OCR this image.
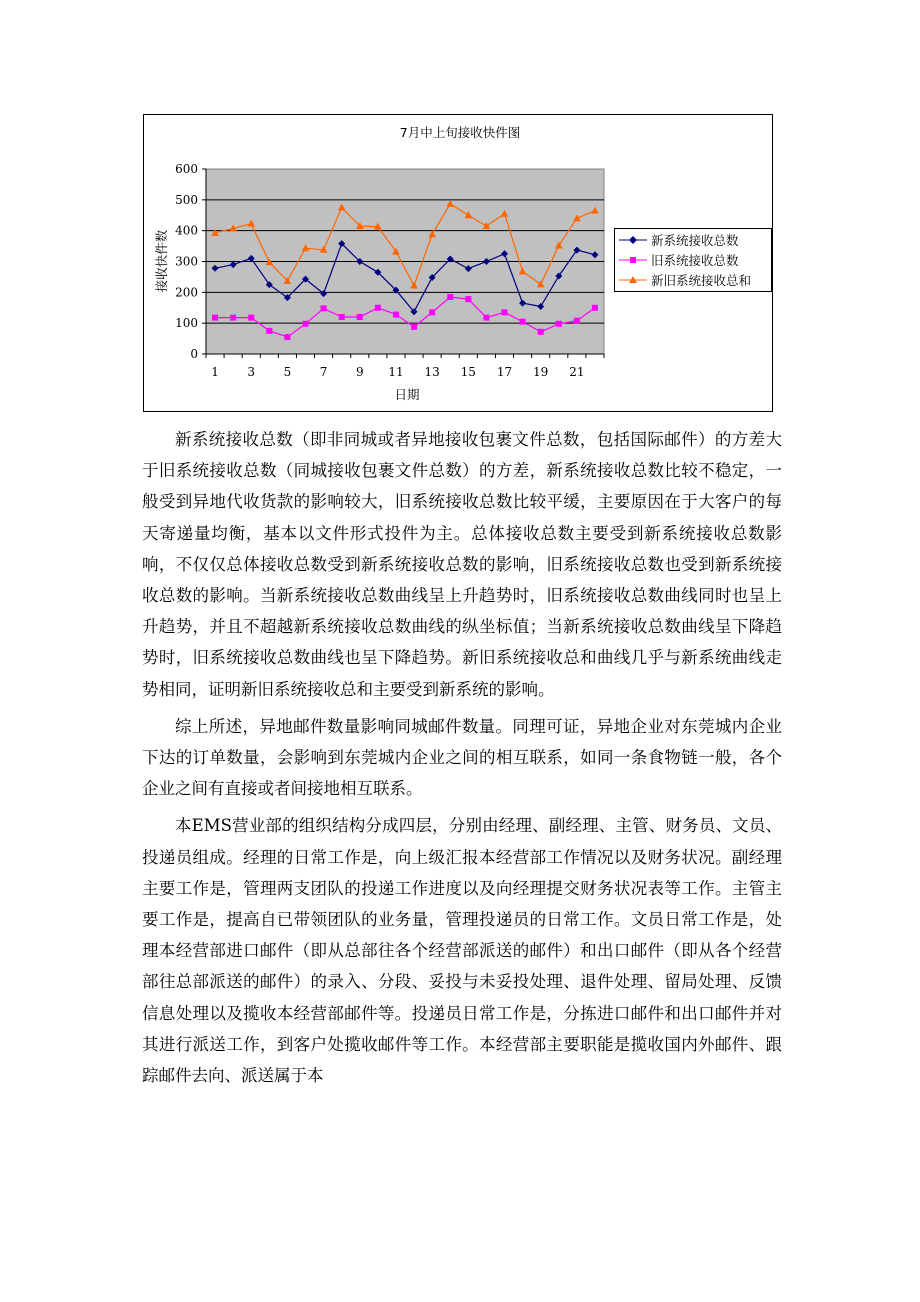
7月中上旬接收快件图
接收快件数
日期
0
100
200
300
400
500
600
1 3 5 7 9 11 13 15 17 19 21
新系统接收总数
旧系统接收总数
新旧系统接收总和

新系统接收总数（即非同城或者异地接收包裹文件总数，包括国际邮件）的方差大于旧系统接收总数（同城接收包裹文件总数）的方差，新系统接收总数比较不稳定，一般受到异地代收货款的影响较大，旧系统接收总数比较平缓，主要原因在于大客户的每天寄递量均衡，基本以文件形式投件为主。总体接收总数主要受到新系统接收总数影响，不仅仅总体接收总数受到新系统接收总数的影响，旧系统接收总数也受到新系统接收总数的影响。当新系统接收总数曲线呈上升趋势时，旧系统接收总数曲线同时也呈上升趋势，并且不超越新系统接收总数曲线的纵坐标值；当新系统接收总数曲线呈下降趋势时，旧系统接收总数曲线也呈下降趋势。新旧系统接收总和曲线几乎与新系统曲线走势相同，证明新旧系统接收总和主要受到新系统的影响。

综上所述，异地邮件数量影响同城邮件数量。同理可证，异地企业对东莞城内企业下达的订单数量，会影响到东莞城内企业之间的相互联系，如同一条食物链一般，各个企业之间有直接或者间接地相互联系。

本EMS营业部的组织结构分成四层，分别由经理、副经理、主管、财务员、文员、投递员组成。经理的日常工作是，向上级汇报本经营部工作情况以及财务状况。副经理主要工作是，管理两支团队的投递工作进度以及向经理提交财务状况表等工作。主管主要工作是，提高自已带领团队的业务量，管理投递员的日常工作。文员日常工作是，处理本经营部进口邮件（即从总部往各个经营部派送的邮件）和出口邮件（即从各个经营部往总部派送的邮件）的录入、分段、妥投与未妥投处理、退件处理、留局处理、反馈信息处理以及揽收本经营部邮件等。投递员日常工作是，分拣进口邮件和出口邮件并对其进行派送工作，到客户处揽收邮件等工作。本经营部主要职能是揽收国内外邮件、跟踪邮件去向、派送属于本
